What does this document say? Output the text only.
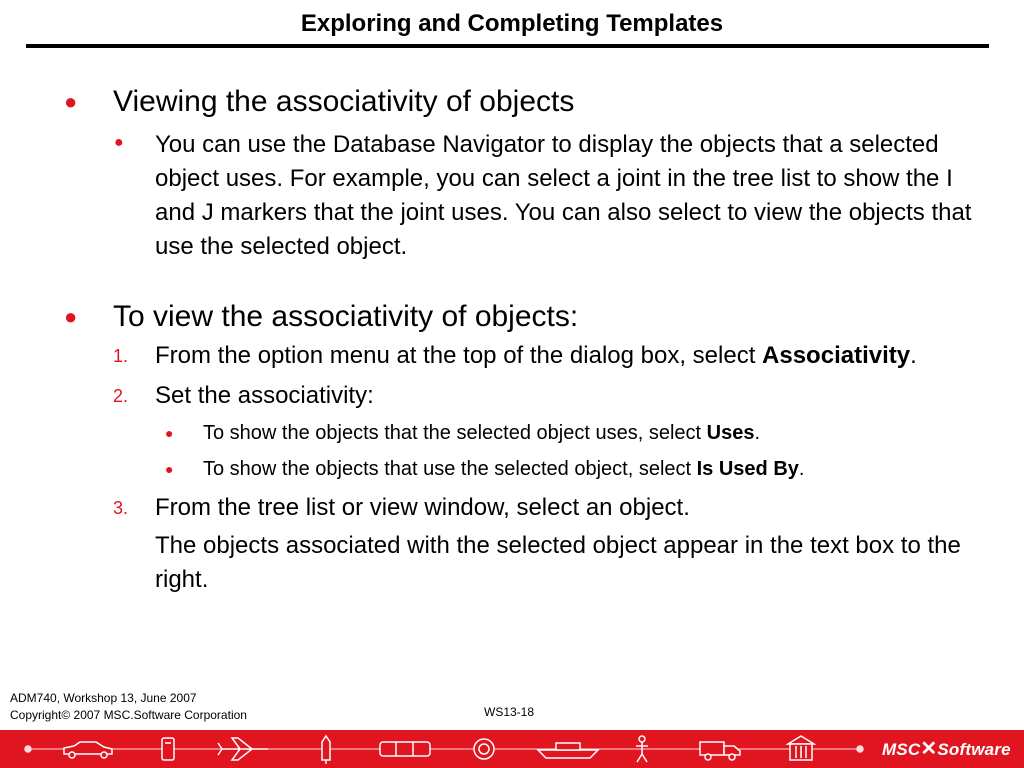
Exploring and Completing Templates
● Viewing the associativity of objects
● You can use the Database Navigator to display the objects that a selected object uses. For example, you can select a joint in the tree list to show the I and J markers that the joint uses. You can also select to view the objects that use the selected object.
● To view the associativity of objects:
1. From the option menu at the top of the dialog box, select Associativity.
2. Set the associativity:
● To show the objects that the selected object uses, select Uses.
● To show the objects that use the selected object, select Is Used By.
3. From the tree list or view window, select an object.
The objects associated with the selected object appear in the text box to the right.
ADM740, Workshop 13, June 2007
Copyright© 2007 MSC.Software Corporation	WS13-18
MSC✕Software
